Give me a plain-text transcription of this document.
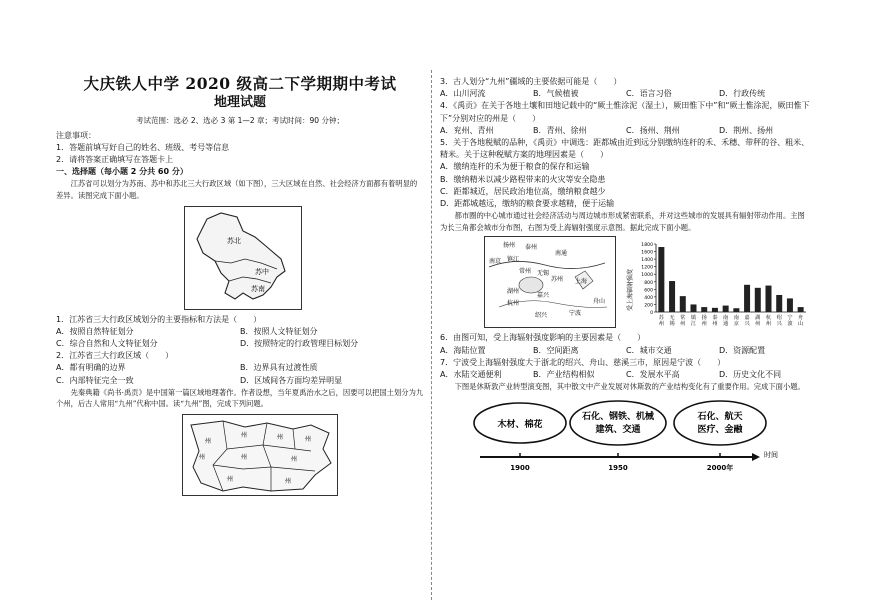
大庆铁人中学 2020 级高二下学期期中考试
地理试题
考试范围：选必 2、选必 3 第 1—2 章；考试时间：90 分钟；
注意事项：
1．答题前填写好自己的姓名、班级、考号等信息
2．请将答案正确填写在答题卡上
一、选择题（每小题 2 分共 60 分）
江苏省可以划分为苏南、苏中和苏北三大行政区域（如下图），三大区域在自然、社会经济方面都有着明显的差异。读图完成下面小题。
苏北
苏中
苏南
1．江苏省三大行政区域划分的主要指标和方法是（　　）
A．按照自然特征划分	B．按照人文特征划分
C．综合自然和人文特征划分	D．按照特定的行政管理目标划分
2．江苏省三大行政区域（　　）
A．都有明确的边界	B．边界具有过渡性质
C．内部特征完全一致	D．区域间各方面均差异明显
先秦典籍《尚书·禹贡》是中国第一篇区域地理著作。作者设想，当年夏禹治水之后，因要可以把国土划分为九个州，后古人常用“九州”代称中国。读“九州”图，完成下列问题。
州
州	州	州
州	州	州
州	州
3．古人划分“九州”疆域的主要依据可能是（　　）
A．山川河流	B．气候植被	C．语言习俗	D．行政传统
4．《禹贡》在关于各地土壤和田地记载中的“厥土惟涂泥（湿土），厥田惟下中”和“厥土惟涂泥，厥田惟下下”分别对应的州是（　　）
A．兖州、青州	B．青州、徐州	C．扬州、荆州	D．荆州、扬州
5．关于各地税赋的品种，《禹贡》中调选：距都城由近到远分别缴纳连秆的禾、禾穗、带秤的谷、粗米、精米。关于这种税赋方案的地理因素是（　　）
A．缴纳连秆的禾为便于粮食的保存和运输
B．缴纳精米以减少路程带来的火灾等安全隐患
C．距都城近，居民政治地位高，缴纳粮食越少
D．距都城越远，缴纳的粮食要求越精，便于运输
都市圈的中心城市通过社会经济活动与周边城市形成紧密联系，并对这些城市的发展具有辐射带动作用。主图为长三角都会城市分布图，右图为受上海辐射强度示意图。据此完成下面小题。
扬州 泰州
南通
南京 镇江
常州 无锡
苏州 上海
湖州
嘉兴
杭州
绍兴	宁波
舟山	受上海辐射强度
0
200
400
600
800
1000
1200
1400
1600
1800
苏
州
无
锡
常
州
镇
江
扬
州
泰
州
南
通
南
京
嘉
兴
湖
州
杭
州
绍
兴
宁
波
舟
山
6．由图可知，受上海辐射强度影响的主要因素是（　　）
A．海陆位置	B．空间距离	C．城市交通	D．资源配置
7．宁波受上海辐射强度大于浙北的绍兴、舟山、慈溪三市，原因是宁波（　　）
A．水陆交通便利	B．产业结构相似	C．发展水平高	D．历史文化不同
下图是休斯敦产业转型演变图，其中散文中产业发展对休斯敦的产业结构变化有了重要作用。完成下面小题。
木材、棉花
石化、钢铁、机械
建筑、交通
石化、航天
医疗、金融
1900	1950	2000年
时间
